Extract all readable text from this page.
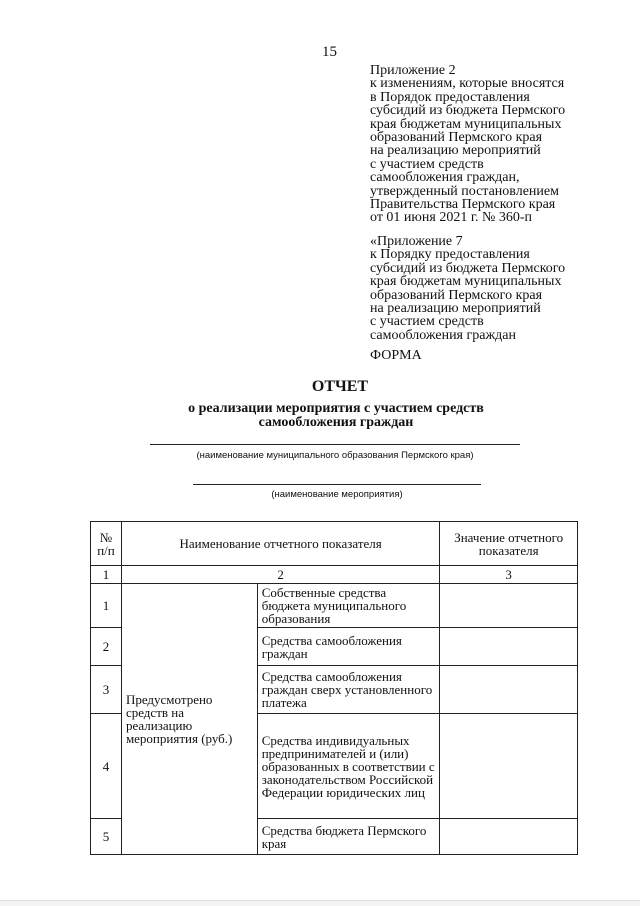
15
Приложение 2
к изменениям, которые вносятся
в Порядок предоставления
субсидий из бюджета Пермского
края бюджетам муниципальных
образований Пермского края
на реализацию мероприятий
с участием средств
самообложения граждан,
утвержденный постановлением
Правительства Пермского края
от 01 июня 2021 г. № 360-п
«Приложение 7
к Порядку предоставления
субсидий из бюджета Пермского
края бюджетам муниципальных
образований Пермского края
на реализацию мероприятий
с участием средств
самообложения граждан
ФОРМА
ОТЧЕТ
о реализации мероприятия с участием средств
самообложения граждан
(наименование муниципального образования Пермского края)
(наименование мероприятия)
№ п/п	Наименование отчетного показателя		Значение отчетного показателя
1	2		3
1	Предусмотрено средств на реализацию мероприятия (руб.)	Собственные средства бюджета муниципального образования	
2		Средства самообложения граждан	
3		Средства самообложения граждан сверх установленного платежа	
4		Средства индивидуальных предпринимателей и (или) образованных в соответствии с законодательством Российской Федерации юридических лиц	
5		Средства бюджета Пермского края	
